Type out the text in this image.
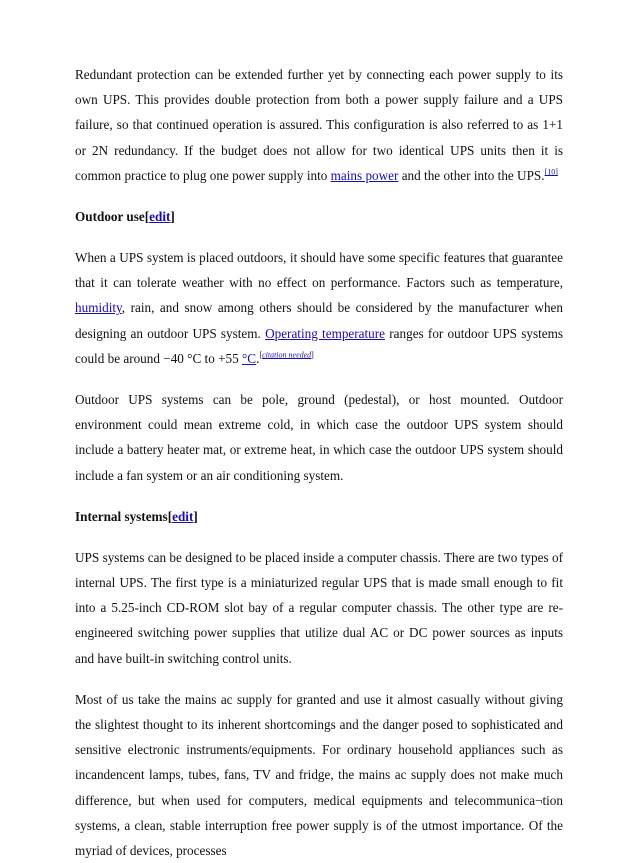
Redundant protection can be extended further yet by connecting each power supply to its own UPS. This provides double protection from both a power supply failure and a UPS failure, so that continued operation is assured. This configuration is also referred to as 1+1 or 2N redundancy. If the budget does not allow for two identical UPS units then it is common practice to plug one power supply into mains power and the other into the UPS.[10]

Outdoor use[edit]

When a UPS system is placed outdoors, it should have some specific features that guarantee that it can tolerate weather with no effect on performance. Factors such as temperature, humidity, rain, and snow among others should be considered by the manufacturer when designing an outdoor UPS system. Operating temperature ranges for outdoor UPS systems could be around −40 °C to +55 °C.[citation needed]

Outdoor UPS systems can be pole, ground (pedestal), or host mounted. Outdoor environment could mean extreme cold, in which case the outdoor UPS system should include a battery heater mat, or extreme heat, in which case the outdoor UPS system should include a fan system or an air conditioning system.

Internal systems[edit]

UPS systems can be designed to be placed inside a computer chassis. There are two types of internal UPS. The first type is a miniaturized regular UPS that is made small enough to fit into a 5.25-inch CD-ROM slot bay of a regular computer chassis. The other type are re-engineered switching power supplies that utilize dual AC or DC power sources as inputs and have built-in switching control units.

Most of us take the mains ac supply for granted and use it almost casually without giving the slightest thought to its inherent shortcomings and the danger posed to sophisticated and sensitive electronic instruments/equipments. For ordinary household appliances such as incandencent lamps, tubes, fans, TV and fridge, the mains ac supply does not make much difference, but when used for computers, medical equipments and telecommunica¬tion systems, a clean, stable interruption free power supply is of the utmost importance. Of the myriad of devices, processes
